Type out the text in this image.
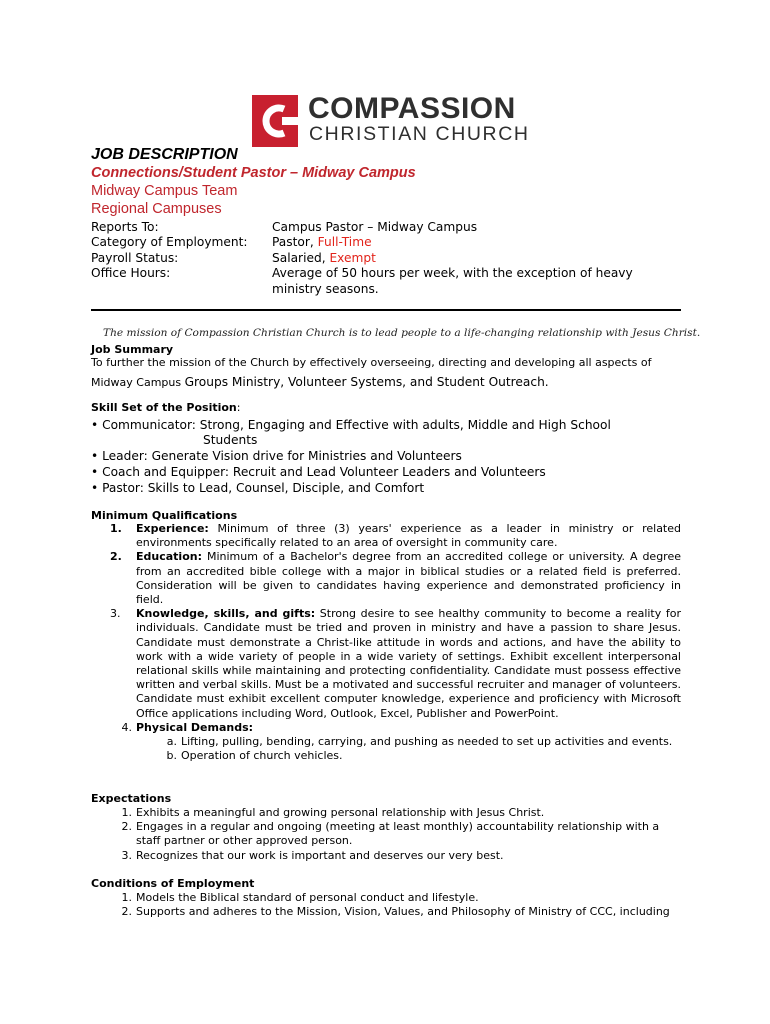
COMPASSION
CHRISTIAN CHURCH
JOB DESCRIPTION
Connections/Student Pastor – Midway Campus
Midway Campus Team
Regional Campuses
Reports To:	Campus Pastor – Midway Campus
Category of Employment: Pastor, Full-Time
Payroll Status:	Salaried, Exempt
Office Hours:	Average of 50 hours per week, with the exception of heavy
ministry seasons.
The mission of Compassion Christian Church is to lead people to a life-changing relationship with Jesus Christ.
Job Summary
To further the mission of the Church by effectively overseeing, directing and developing all aspects of
Midway Campus Groups Ministry, Volunteer Systems, and Student Outreach.
Skill Set of the Position:
• Communicator: Strong, Engaging and Effective with adults, Middle and High School
Students
• Leader: Generate Vision drive for Ministries and Volunteers
• Coach and Equipper: Recruit and Lead Volunteer Leaders and Volunteers
• Pastor: Skills to Lead, Counsel, Disciple, and Comfort
Minimum Qualifications
1.	Experience: Minimum of three (3) years' experience as a leader in ministry or related environments specifically related to an area of oversight in community care.
2.	Education: Minimum of a Bachelor's degree from an accredited college or university. A degree from an accredited bible college with a major in biblical studies or a related field is preferred. Consideration will be given to candidates having experience and demonstrated proficiency in field.
3.	Knowledge, skills, and gifts: Strong desire to see healthy community to become a reality for individuals. Candidate must be tried and proven in ministry and have a passion to share Jesus. Candidate must demonstrate a Christ-like attitude in words and actions, and have the ability to work with a wide variety of people in a wide variety of settings. Exhibit excellent interpersonal relational skills while maintaining and protecting confidentiality. Candidate must possess effective written and verbal skills. Must be a motivated and successful recruiter and manager of volunteers. Candidate must exhibit excellent computer knowledge, experience and proficiency with Microsoft Office applications including Word, Outlook, Excel, Publisher and PowerPoint.
4. Physical Demands:
a. Lifting, pulling, bending, carrying, and pushing as needed to set up activities and events.
b. Operation of church vehicles.
Expectations
1. Exhibits a meaningful and growing personal relationship with Jesus Christ.
2. Engages in a regular and ongoing (meeting at least monthly) accountability relationship with a staff partner or other approved person.
3. Recognizes that our work is important and deserves our very best.
Conditions of Employment
1. Models the Biblical standard of personal conduct and lifestyle.
2. Supports and adheres to the Mission, Vision, Values, and Philosophy of Ministry of CCC, including
